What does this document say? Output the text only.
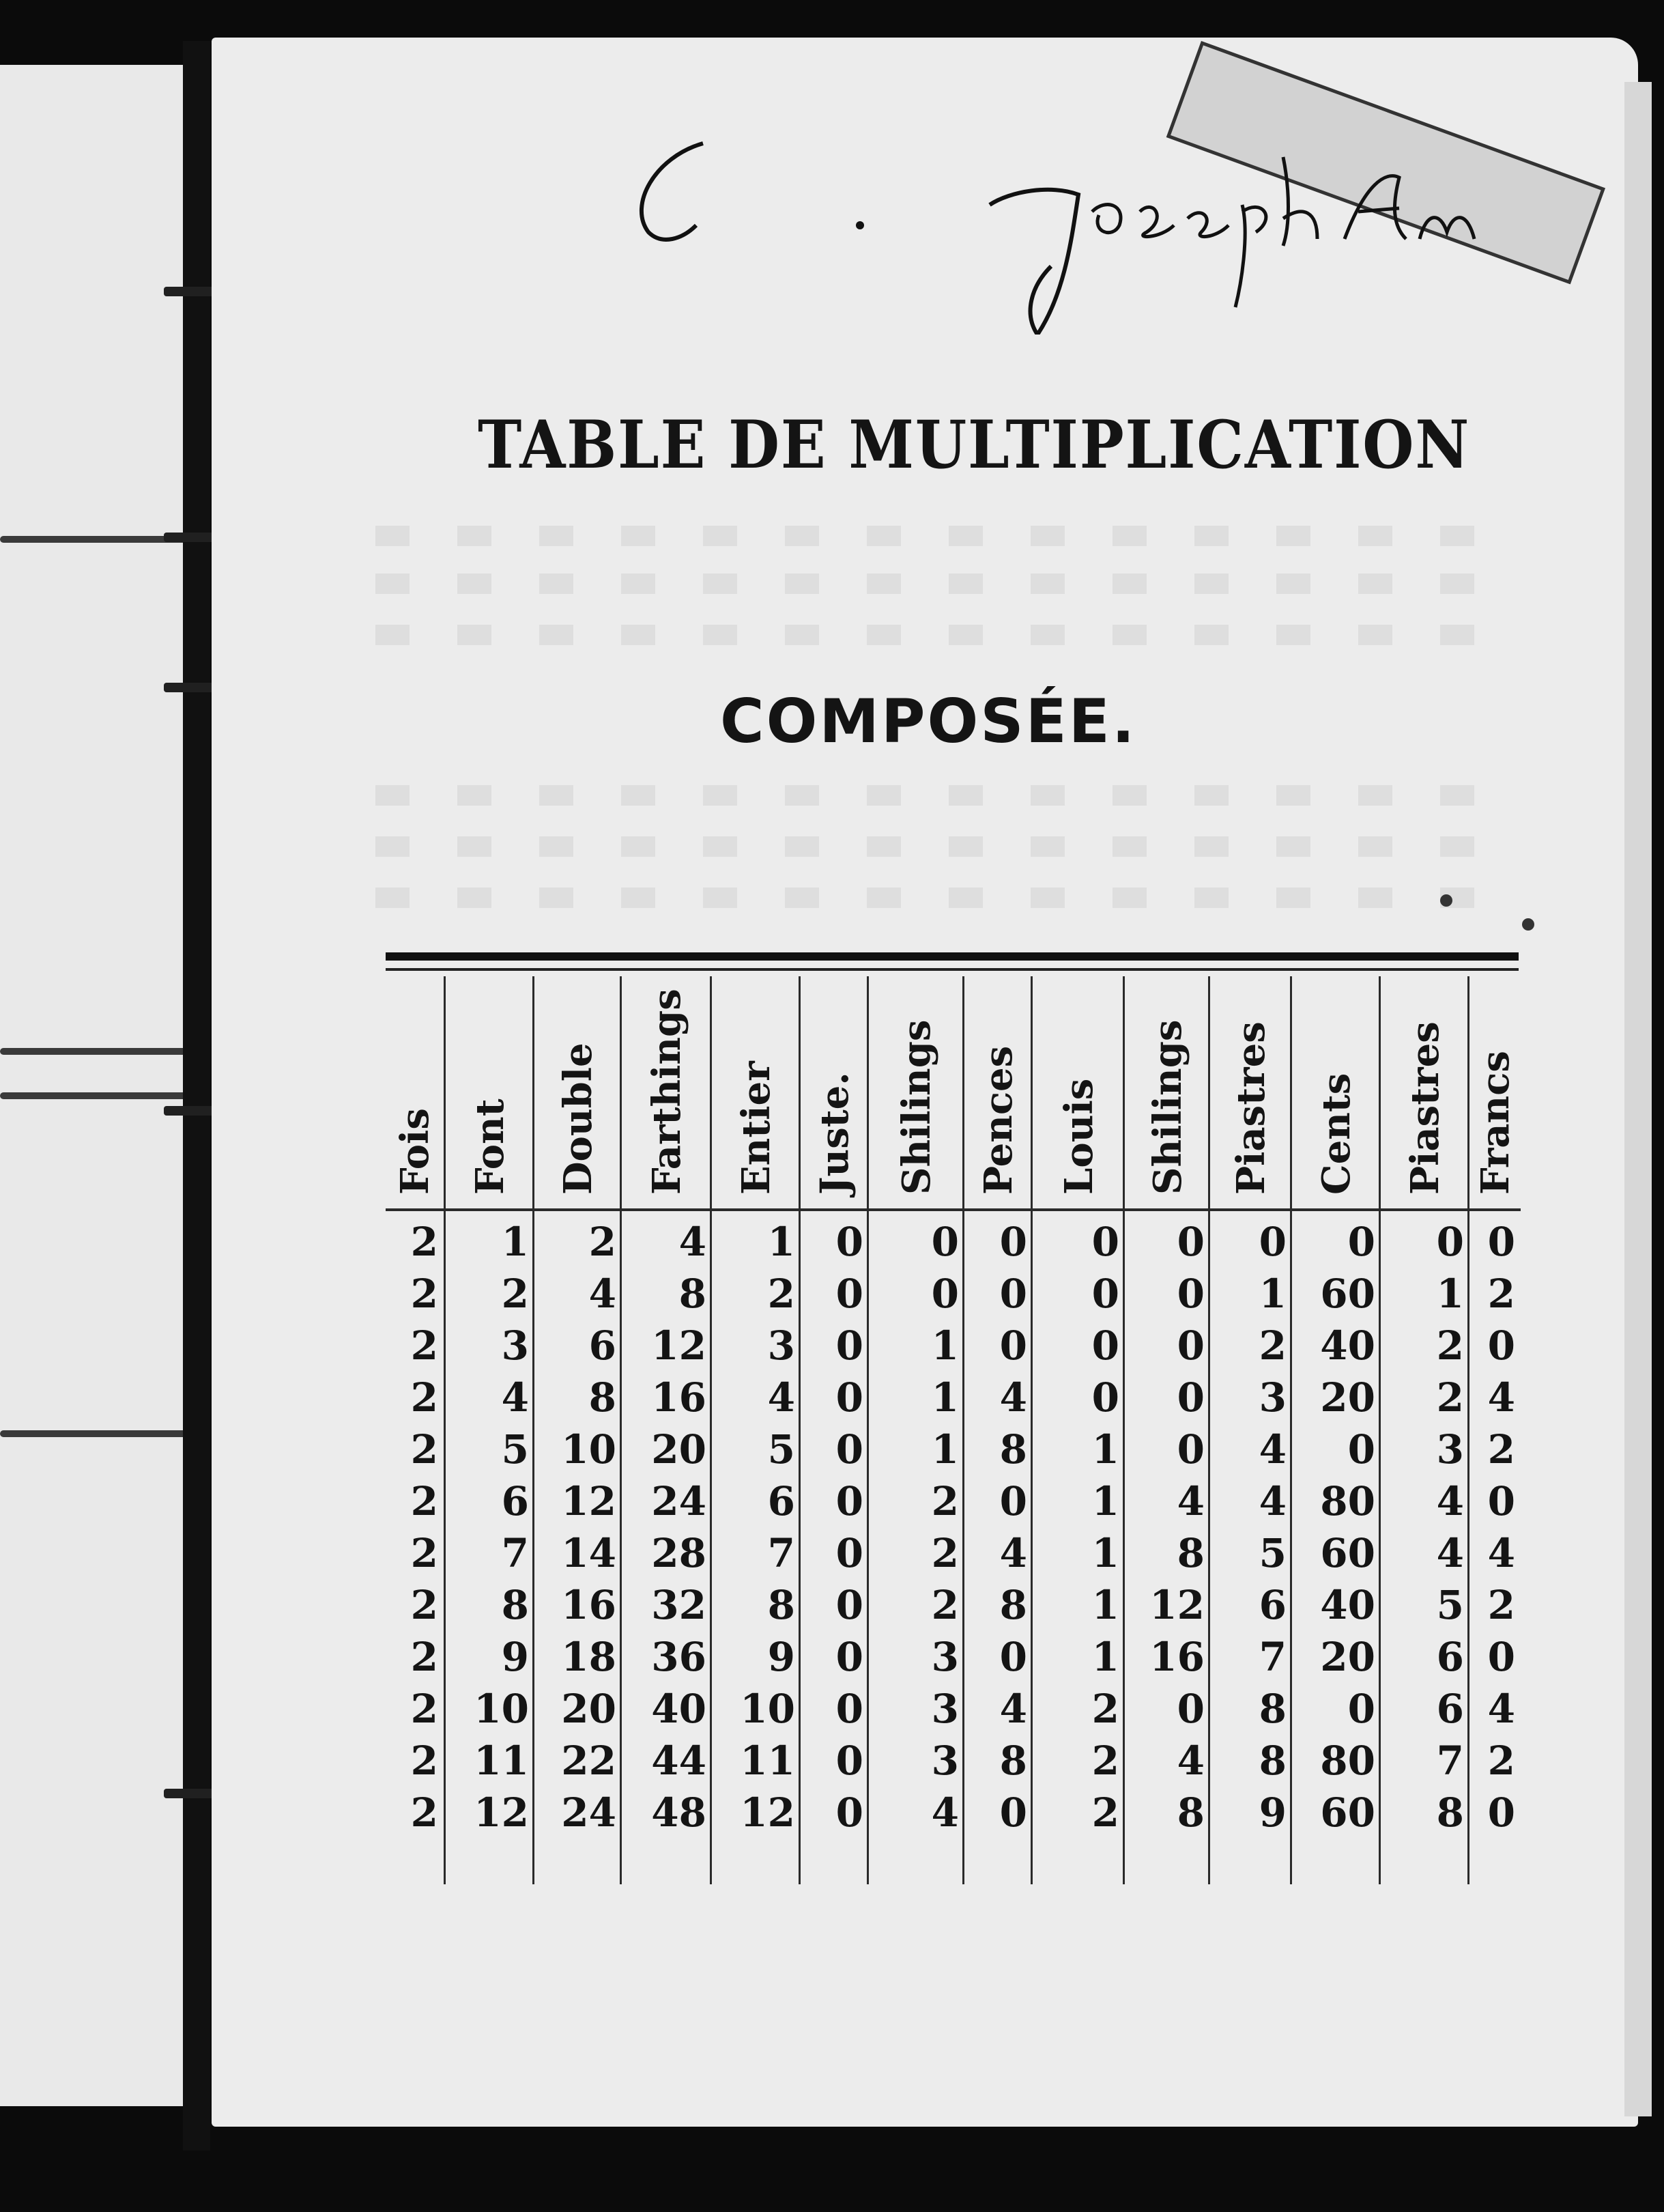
TABLE DE MULTIPLICATION
COMPOSÉE.
Fois
2
2
2
2
2
2
2
2
2
2
2
2
Font
1
2
3
4
5
6
7
8
9
10
11
12
Double
2
4
6
8
10
12
14
16
18
20
22
24
Farthings
4
8
12
16
20
24
28
32
36
40
44
48
Entier
1
2
3
4
5
6
7
8
9
10
11
12
Juste.
0
0
0
0
0
0
0
0
0
0
0
0
Shilings
0
0
1
1
1
2
2
2
3
3
3
4
Pences
0
0
0
4
8
0
4
8
0
4
8
0
Louis
0
0
0
0
1
1
1
1
1
2
2
2
Shilings
0
0
0
0
0
4
8
12
16
0
4
8
Piastres
0
1
2
3
4
4
5
6
7
8
8
9
Cents
0
60
40
20
0
80
60
40
20
0
80
60
Piastres
0
1
2
2
3
4
4
5
6
6
7
8
Francs
0
2
0
4
2
0
4
2
0
4
2
0
